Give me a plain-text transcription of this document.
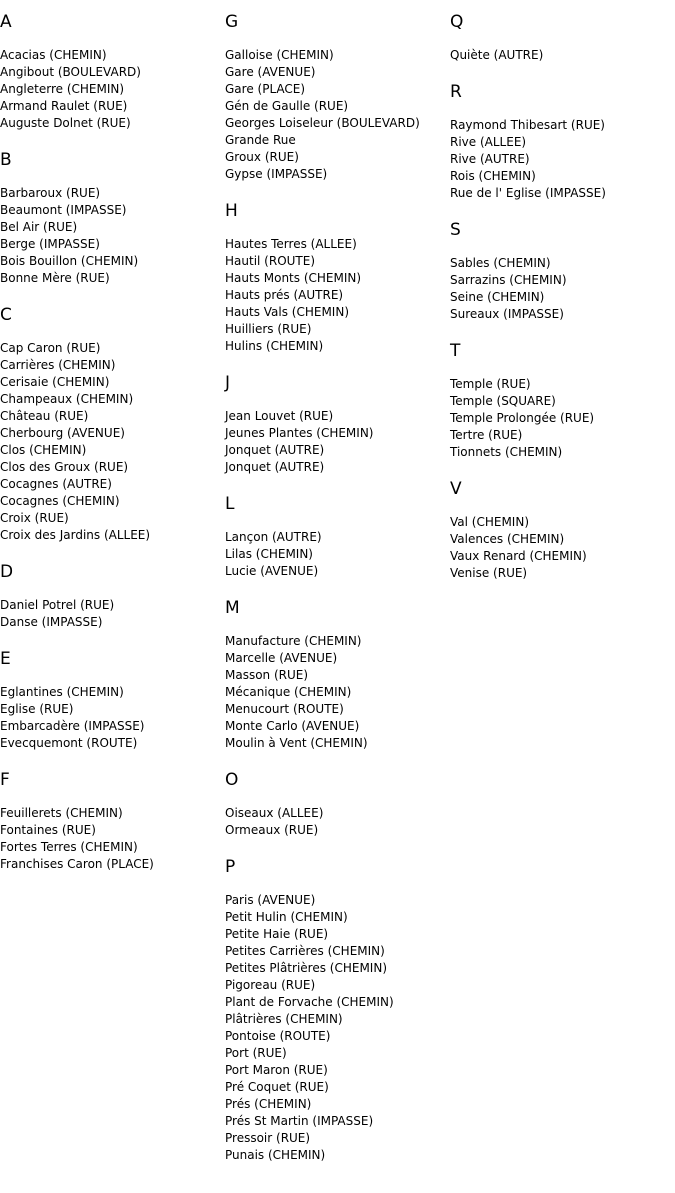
A
Acacias (CHEMIN)
Angibout (BOULEVARD)
Angleterre (CHEMIN)
Armand Raulet (RUE)
Auguste Dolnet (RUE)
B
Barbaroux (RUE)
Beaumont (IMPASSE)
Bel Air (RUE)
Berge (IMPASSE)
Bois Bouillon (CHEMIN)
Bonne Mère (RUE)
C
Cap Caron (RUE)
Carrières (CHEMIN)
Cerisaie (CHEMIN)
Champeaux (CHEMIN)
Château (RUE)
Cherbourg (AVENUE)
Clos (CHEMIN)
Clos des Groux (RUE)
Cocagnes (AUTRE)
Cocagnes (CHEMIN)
Croix (RUE)
Croix des Jardins (ALLEE)
D
Daniel Potrel (RUE)
Danse (IMPASSE)
E
Eglantines (CHEMIN)
Eglise (RUE)
Embarcadère (IMPASSE)
Evecquemont (ROUTE)
F
Feuillerets (CHEMIN)
Fontaines (RUE)
Fortes Terres (CHEMIN)
Franchises Caron (PLACE)
G
Galloise (CHEMIN)
Gare (AVENUE)
Gare (PLACE)
Gén de Gaulle (RUE)
Georges Loiseleur (BOULEVARD)
Grande Rue
Groux (RUE)
Gypse (IMPASSE)
H
Hautes Terres (ALLEE)
Hautil (ROUTE)
Hauts Monts (CHEMIN)
Hauts prés (AUTRE)
Hauts Vals (CHEMIN)
Huilliers (RUE)
Hulins (CHEMIN)
J
Jean Louvet (RUE)
Jeunes Plantes (CHEMIN)
Jonquet (AUTRE)
Jonquet (AUTRE)
L
Lançon (AUTRE)
Lilas (CHEMIN)
Lucie (AVENUE)
M
Manufacture (CHEMIN)
Marcelle (AVENUE)
Masson (RUE)
Mécanique (CHEMIN)
Menucourt (ROUTE)
Monte Carlo (AVENUE)
Moulin à Vent (CHEMIN)
O
Oiseaux (ALLEE)
Ormeaux (RUE)
P
Paris (AVENUE)
Petit Hulin (CHEMIN)
Petite Haie (RUE)
Petites Carrières (CHEMIN)
Petites Plâtrières (CHEMIN)
Pigoreau (RUE)
Plant de Forvache (CHEMIN)
Plâtrières (CHEMIN)
Pontoise (ROUTE)
Port (RUE)
Port Maron (RUE)
Pré Coquet (RUE)
Prés (CHEMIN)
Prés St Martin (IMPASSE)
Pressoir (RUE)
Punais (CHEMIN)
Q
Quiète (AUTRE)
R
Raymond Thibesart (RUE)
Rive (ALLEE)
Rive (AUTRE)
Rois (CHEMIN)
Rue de l' Eglise (IMPASSE)
S
Sables (CHEMIN)
Sarrazins (CHEMIN)
Seine (CHEMIN)
Sureaux (IMPASSE)
T
Temple (RUE)
Temple (SQUARE)
Temple Prolongée (RUE)
Tertre (RUE)
Tionnets (CHEMIN)
V
Val (CHEMIN)
Valences (CHEMIN)
Vaux Renard (CHEMIN)
Venise (RUE)
